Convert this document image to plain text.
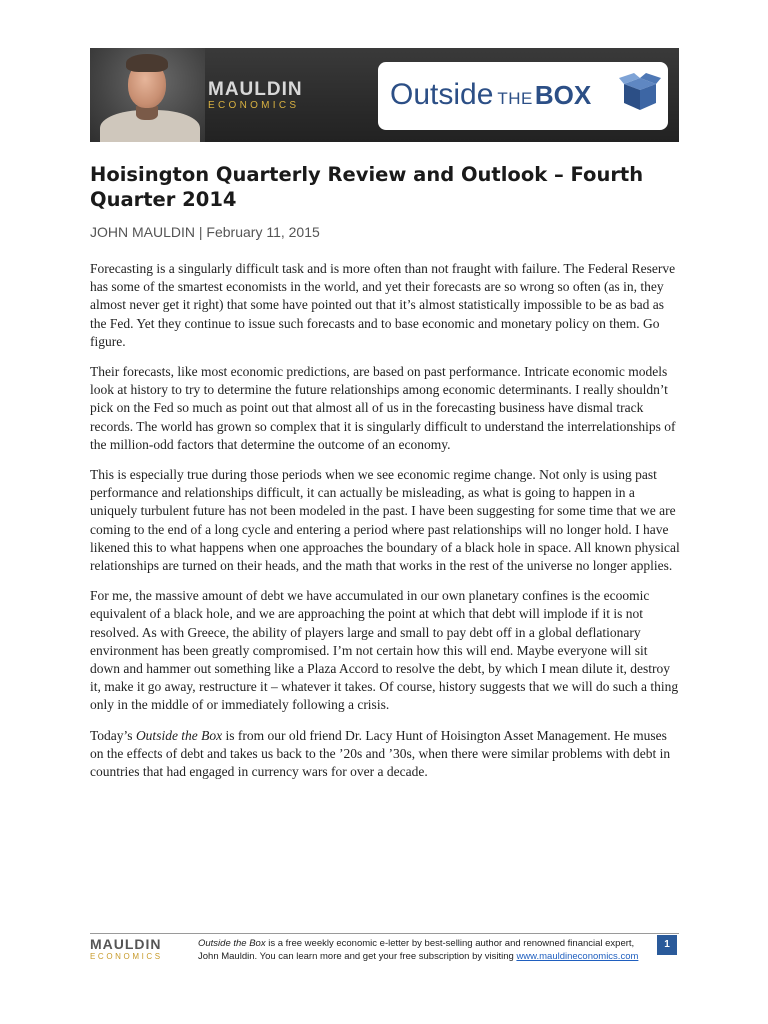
MAULDIN
ECONOMICS	Outside THEBOX
Hoisington Quarterly Review and Outlook – Fourth Quarter 2014
JOHN MAULDIN | February 11, 2015

Forecasting is a singularly difficult task and is more often than not fraught with failure. The Federal Reserve has some of the smartest economists in the world, and yet their forecasts are so wrong so often (as in, they almost never get it right) that some have pointed out that it’s almost statistically impossible to be as bad as the Fed. Yet they continue to issue such forecasts and to base economic and monetary policy on them. Go figure.

Their forecasts, like most economic predictions, are based on past performance. Intricate economic models look at history to try to determine the future relationships among economic determinants. I really shouldn’t pick on the Fed so much as point out that almost all of us in the forecasting business have dismal track records. The world has grown so complex that it is singularly difficult to understand the interrelationships of the million-odd factors that determine the outcome of an economy.

This is especially true during those periods when we see economic regime change. Not only is using past performance and relationships difficult, it can actually be misleading, as what is going to happen in a uniquely turbulent future has not been modeled in the past. I have been suggesting for some time that we are coming to the end of a long cycle and entering a period where past relationships will no longer hold. I have likened this to what happens when one approaches the boundary of a black hole in space. All known physical relationships are turned on their heads, and the math that works in the rest of the universe no longer applies.

For me, the massive amount of debt we have accumulated in our own planetary confines is the ecoomic equivalent of a black hole, and we are approaching the point at which that debt will implode if it is not resolved. As with Greece, the ability of players large and small to pay debt off in a global deflationary environment has been greatly compromised. I’m not certain how this will end. Maybe everyone will sit down and hammer out something like a Plaza Accord to resolve the debt, by which I mean dilute it, destroy it, make it go away, restructure it – whatever it takes. Of course, history suggests that we will do such a thing only in the middle of or immediately following a crisis.

Today’s Outside the Box is from our old friend Dr. Lacy Hunt of Hoisington Asset Management. He muses on the effects of debt and takes us back to the ’20s and ’30s, when there were similar problems with debt in countries that had engaged in currency wars for over a decade.

MAULDIN
ECONOMICS
Outside the Box is a free weekly economic e-letter by best-selling author and renowned financial expert,
John Mauldin. You can learn more and get your free subscription by visiting www.mauldineconomics.com
1
